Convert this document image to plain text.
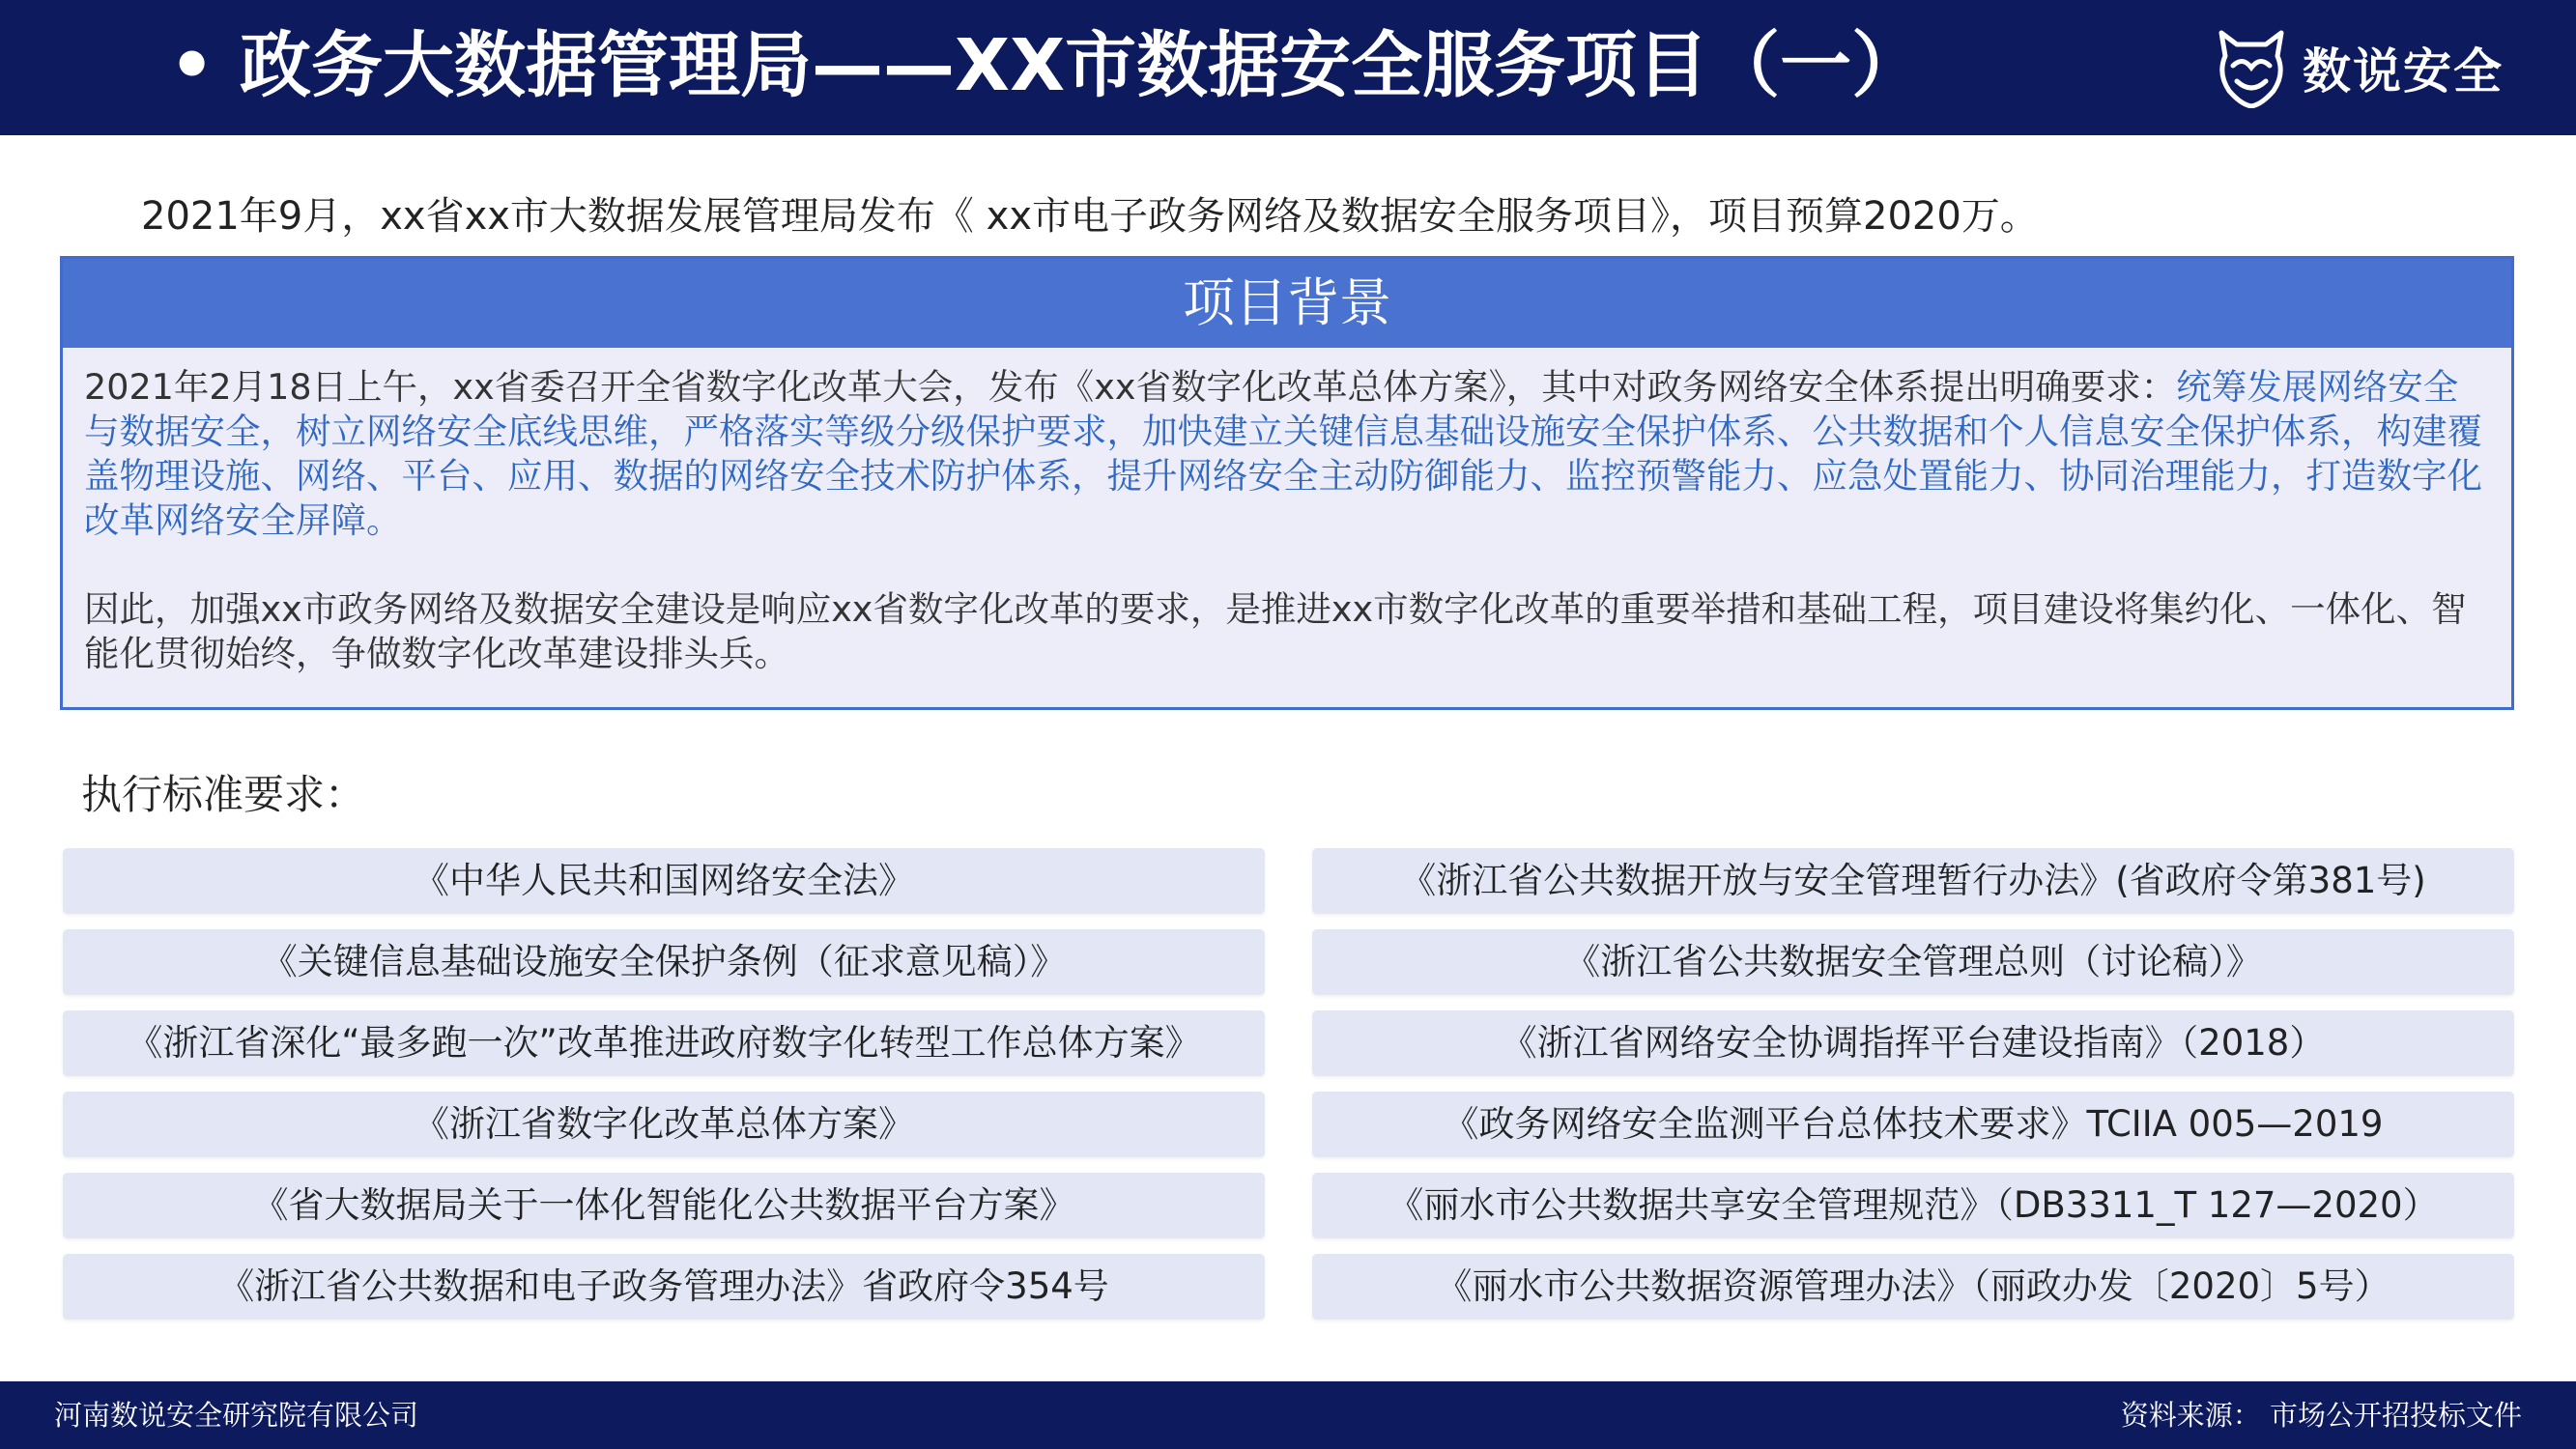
• 政务大数据管理局——XX市数据安全服务项目（一）	数说安全
2021年9月，xx省xx市大数据发展管理局发布《 xx市电子政务网络及数据安全服务项目》，项目预算2020万。
项目背景

2021年2月18日上午，xx省委召开全省数字化改革大会，发布《xx省数字化改革总体方案》，其中对政务网络安全体系提出明确要求：统筹发展网络安全与数据安全，树立网络安全底线思维，严格落实等级分级保护要求，加快建立关键信息基础设施安全保护体系、公共数据和个人信息安全保护体系，构建覆盖物理设施、网络、平台、应用、数据的网络安全技术防护体系，提升网络安全主动防御能力、监控预警能力、应急处置能力、协同治理能力，打造数字化改革网络安全屏障。

因此，加强xx市政务网络及数据安全建设是响应xx省数字化改革的要求，是推进xx市数字化改革的重要举措和基础工程，项目建设将集约化、一体化、智能化贯彻始终，争做数字化改革建设排头兵。

执行标准要求：
《中华人民共和国网络安全法》
《关键信息基础设施安全保护条例（征求意见稿）》
《浙江省深化“最多跑一次”改革推进政府数字化转型工作总体方案》
《浙江省数字化改革总体方案》
《省大数据局关于一体化智能化公共数据平台方案》
《浙江省公共数据和电子政务管理办法》省政府令354号
《浙江省公共数据开放与安全管理暂行办法》(省政府令第381号)
《浙江省公共数据安全管理总则（讨论稿）》
《浙江省网络安全协调指挥平台建设指南》（2018）
《政务网络安全监测平台总体技术要求》TCIIA 005—2019
《丽水市公共数据共享安全管理规范》（DB3311_T 127—2020）
《丽水市公共数据资源管理办法》（丽政办发〔2020〕5号）
河南数说安全研究院有限公司	资料来源： 市场公开招投标文件
